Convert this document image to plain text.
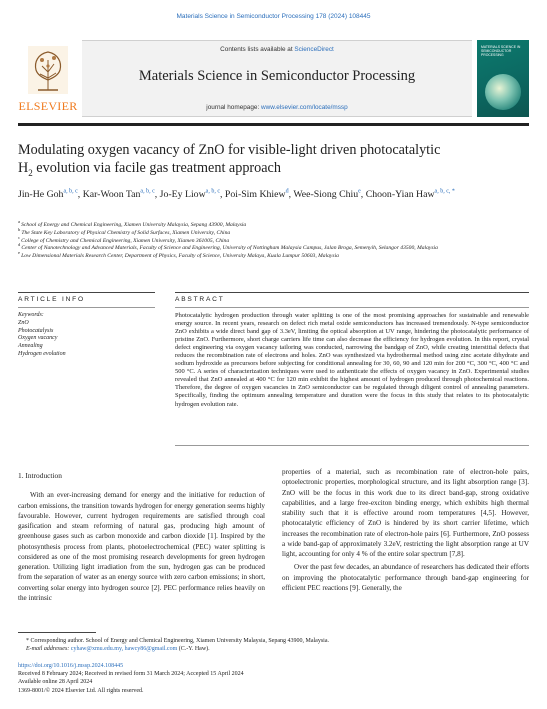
Materials Science in Semiconductor Processing 178 (2024) 108445
ELSEVIER
Contents lists available at ScienceDirect
Materials Science in Semiconductor Processing
journal homepage: www.elsevier.com/locate/mssp
MATERIALS SCIENCE IN SEMICONDUCTOR PROCESSING
Modulating oxygen vacancy of ZnO for visible-light driven photocatalytic
$H_2$ evolution via facile gas treatment approach
Jin-He Goh$^{a, b, c}$, Kar-Woon Tan$^{a, b, c}$, Jo-Ey Liow$^{a, b, c}$, Poi-Sim Khiew$^d$, Wee-Siong Chiu$^e$, Choon-Yian Haw$^{a, b, c, *}$
$^a$ School of Energy and Chemical Engineering, Xiamen University Malaysia, Sepang 43900, Malaysia
$^b$ The State Key Laboratory of Physical Chemistry of Solid Surfaces, Xiamen University, China
$^c$ College of Chemistry and Chemical Engineering, Xiamen University, Xiamen 361005, China
$^d$ Center of Nanotechnology and Advanced Materials, Faculty of Science and Engineering, University of Nottingham Malaysia Campus, Jalan Broga, Semenyih, Selangor 43500, Malaysia
$^e$ Low Dimensional Materials Research Center, Department of Physics, Faculty of Science, University Malaya, Kuala Lumpur 50603, Malaysia
ARTICLE INFO	ABSTRACT
Keywords:
ZnO
Photocatalysis
Oxygen vacancy
Annealing
Hydrogen evolution
Photocatalytic hydrogen production through water splitting is one of the most promising approaches for sustainable and renewable energy source. In recent years, research on defect rich metal oxide semiconductors has increased tremendously. N-type semiconductor ZnO exhibits a wide direct band gap of 3.3eV, limiting the optical absorption at UV range, hindering the photocatalytic performance of pristine ZnO. Furthermore, short charge carriers life time can also decrease the efficiency for hydrogen evolution. In this report, crystal defect engineering via oxygen vacancy tailoring was conducted, narrowing the bandgap of ZnO, while creating interstitial defects that reduces the recombination rate of electrons and holes. ZnO was synthesized via hydrothermal method using zinc acetate dihydrate and sodium hydroxide as precursors before subjecting for conditional annealing for 30, 60, 90 and 120 min for 200 °C, 300 °C, 400 °C and 500 °C. A series of characterization techniques were used to authenticate the effects of oxygen vacancy in ZnO. Experimental studies revealed that ZnO annealed at 400 °C for 120 min exhibit the highest amount of hydrogen produced through photochemical reactions. Therefore, the degree of oxygen vacancies in ZnO semiconductor can be regulated through diligent control of annealing parameters. Specifically, finding the optimum annealing temperature and duration were the focus in this study that relates to its photocatalytic hydrogen evolution rate.
1. Introduction

With an ever-increasing demand for energy and the initiative for reduction of carbon emissions, the transition towards hydrogen for energy generation seems highly favourable. However, current hydrogen requirements are satisfied through coal gasification and steam reforming of natural gas, producing high amount of greenhouse gases such as carbon monoxide and carbon dioxide [1]. Inspired by the photosynthesis process from plants, photoelectrochemical (PEC) water splitting is considered as one of the most promising research developments for green hydrogen generation. Utilizing light irradiation from the sun, hydrogen gas can be produced from the separation of water as an energy source with zero carbon emissions; in short, converting solar energy into hydrogen source [2]. PEC performance relies heavily on the intrinsic

properties of a material, such as recombination rate of electron-hole pairs, optoelectronic properties, morphological structure, and its light absorption range [3]. ZnO will be the focus in this work due to its direct band-gap, strong oxidative capabilities, and a large free-exciton binding energy, which exhibits high thermal stability such that it is effective around room temperatures [4,5]. However, photocatalytic efficiency of ZnO is hindered by its short carrier lifetime, which increases the recombination rate of electron-hole pairs [6]. Furthermore, ZnO possess a wide band-gap of approximately 3.2eV, restricting the light absorption range at UV light, accounting for only 4 % of the entire solar spectrum [7,8].

Over the past few decades, an abundance of researchers has dedicated their efforts on improving the photocatalytic performance through band-gap engineering for efficient PEC reactions [9]. Generally, the

* Corresponding author. School of Energy and Chemical Engineering, Xiamen University Malaysia, Sepang 43900, Malaysia.
E-mail addresses: cyhaw@xmu.edu.my, hawcy86@gmail.com (C.-Y. Haw).
https://doi.org/10.1016/j.mssp.2024.108445
Received 8 February 2024; Received in revised form 31 March 2024; Accepted 15 April 2024
Available online 28 April 2024
1369-8001/© 2024 Elsevier Ltd. All rights reserved.
